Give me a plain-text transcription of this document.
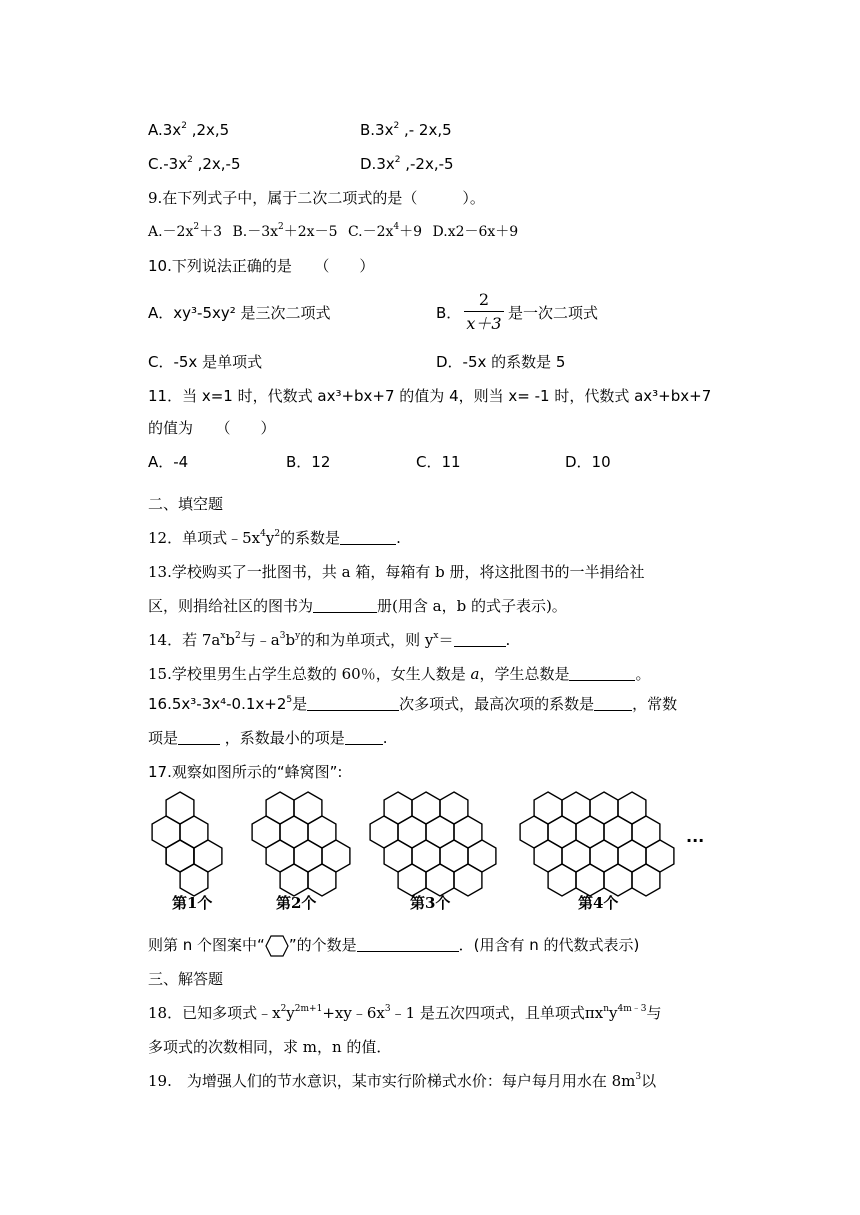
$A.3x^2$ ,2x,5	$B.3x^2$ ,- 2x,5
$C.-3x^2$ ,2x,-5	$D.3x^2$ ,-2x,-5
9.在下列式子中，属于二次二项式的是（　　　）。
$A.-2x^2+3$ $B.-3x^2+2x-5$ $C.-2x^4+9$ D.x2－6x＋9
10.下列说法正确的是　　（　　）
A．xy³-5xy² 是三次二项式	B．
2
x＋3
是一次二项式
C．-5x 是单项式	D．-5x 的系数是 5
11．当 x=1 时，代数式 ax³+bx+7 的值为 4，则当 x= -1 时，代数式 ax³+bx+7
的值为　　（　　）
A．-4	B．12	C．11	D．10
二、填空题
12．单项式$﹣5x^4y^2$的系数是	.
13.学校购买了一批图书，共 a 箱，每箱有 b 册，将这批图书的一半捐给社
区，则捐给社区的图书为	册(用含 a，b 的式子表示)。
14．若 $7a^xb^2$与$﹣a^3b^y$的和为单项式，则 $y^x=$	.
15.学校里男生占学生总数的 60％，女生人数是 a，学生总数是	。
$16.5x^3-3x^4-0.1x+2^5$是	次多项式，最高次项的系数是	，常数
项是	，系数最小的项是	.
17.观察如图所示的“蜂窝图”:
···
第1个	第2个	第3个	第4个
则第 n 个图案中“ ”的个数是	．(用含有 n 的代数式表示)
三、解答题
18．已知多项式$﹣x^2y^{2m+1}+xy﹣6x^3﹣1$ 是五次四项式，且单项式$\pi x^ny^{4m﹣3}$与
多项式的次数相同，求 m，n 的值．
19.　为增强人们的节水意识，某市实行阶梯式水价：每户每月用水在 $8m^3$以
